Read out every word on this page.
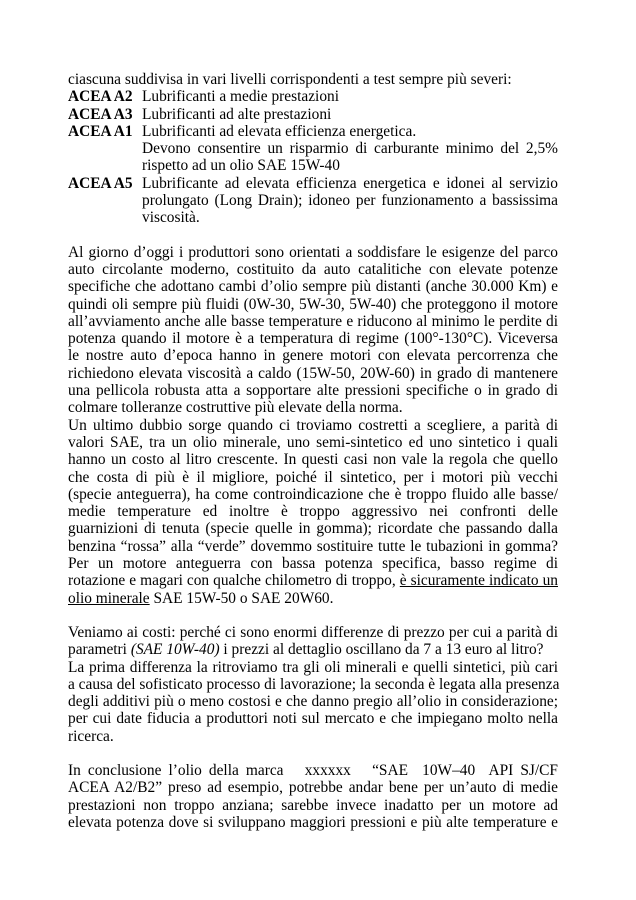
ciascuna suddivisa in vari livelli corrispondenti a test sempre più severi:
ACEA A2 Lubrificanti a medie prestazioni
ACEA A3 Lubrificanti ad alte prestazioni
ACEA A1 Lubrificanti ad elevata efficienza energetica.
Devono consentire un risparmio di carburante minimo del 2,5%
rispetto ad un olio SAE 15W-40
ACEA A5 Lubrificante ad elevata efficienza energetica e idonei al servizio
prolungato (Long Drain); idoneo per funzionamento a bassissima
viscosità.
Al giorno d’oggi i produttori sono orientati a soddisfare le esigenze del parco
auto circolante moderno, costituito da auto catalitiche con elevate potenze
specifiche che adottano cambi d’olio sempre più distanti (anche 30.000 Km) e
quindi oli sempre più fluidi (0W-30, 5W-30, 5W-40) che proteggono il motore
all’avviamento anche alle basse temperature e riducono al minimo le perdite di
potenza quando il motore è a temperatura di regime (100°-130°C). Viceversa
le nostre auto d’epoca hanno in genere motori con elevata percorrenza che
richiedono elevata viscosità a caldo (15W-50, 20W-60) in grado di mantenere
una pellicola robusta atta a sopportare alte pressioni specifiche o in grado di
colmare tolleranze costruttive più elevate della norma.
Un ultimo dubbio sorge quando ci troviamo costretti a scegliere, a parità di
valori SAE, tra un olio minerale, uno semi-sintetico ed uno sintetico i quali
hanno un costo al litro crescente. In questi casi non vale la regola che quello
che costa di più è il migliore, poiché il sintetico, per i motori più vecchi
(specie anteguerra), ha come controindicazione che è troppo fluido alle basse/
medie temperature ed inoltre è troppo aggressivo nei confronti delle
guarnizioni di tenuta (specie quelle in gomma); ricordate che passando dalla
benzina “rossa” alla “verde” dovemmo sostituire tutte le tubazioni in gomma?
Per un motore anteguerra con bassa potenza specifica, basso regime di
rotazione e magari con qualche chilometro di troppo, è sicuramente indicato un
olio minerale SAE 15W-50 o SAE 20W60.
Veniamo ai costi: perché ci sono enormi differenze di prezzo per cui a parità di
parametri (SAE 10W-40) i prezzi al dettaglio oscillano da 7 a 13 euro al litro?
La prima differenza la ritroviamo tra gli oli minerali e quelli sintetici, più cari
a causa del sofisticato processo di lavorazione; la seconda è legata alla presenza
degli additivi più o meno costosi e che danno pregio all’olio in considerazione;
per cui date fiducia a produttori noti sul mercato e che impiegano molto nella
ricerca.
In conclusione l’olio della marca   xxxxxx   “SAE  10W–40  API SJ/CF
ACEA A2/B2” preso ad esempio, potrebbe andar bene per un’auto di medie
prestazioni non troppo anziana; sarebbe invece inadatto per un motore ad
elevata potenza dove si sviluppano maggiori pressioni e più alte temperature e
